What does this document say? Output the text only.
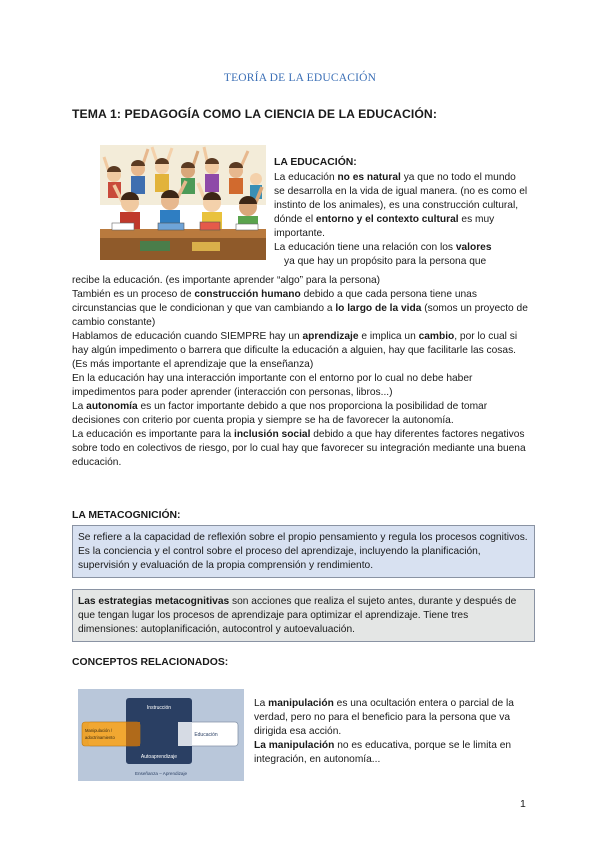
TEORÍA DE LA EDUCACIÓN
TEMA 1: PEDAGOGÍA COMO LA CIENCIA DE LA EDUCACIÓN:
LA EDUCACIÓN:
La educación no es natural ya que no todo el mundo se desarrolla en la vida de igual manera. (no es como el instinto de los animales), es una construcción cultural, dónde el entorno y el contexto cultural es muy importante.
La educación tiene una relación con los valores
ya que hay un propósito para la persona que
recibe la educación. (es importante aprender “algo” para la persona)
También es un proceso de construcción humano debido a que cada persona tiene unas circunstancias que le condicionan y que van cambiando a lo largo de la vida (somos un proyecto de cambio constante)
Hablamos de educación cuando SIEMPRE hay un aprendizaje e implica un cambio, por lo cual si hay algún impedimento o barrera que dificulte la educación a alguien, hay que facilitarle las cosas.
(Es más importante el aprendizaje que la enseñanza)
En la educación hay una interacción importante con el entorno por lo cual no debe haber impedimentos para poder aprender (interacción con personas, libros...)
La autonomía es un factor importante debido a que nos proporciona la posibilidad de tomar decisiones con criterio por cuenta propia y siempre se ha de favorecer la autonomía.
La educación es importante para la inclusión social debido a que hay diferentes factores negativos sobre todo en colectivos de riesgo, por lo cual hay que favorecer su integración mediante una buena educación.
LA METACOGNICIÓN:
Se refiere a la capacidad de reflexión sobre el propio pensamiento y regula los procesos cognitivos. Es la conciencia y el control sobre el proceso del aprendizaje, incluyendo la planificación, supervisión y evaluación de la propia comprensión y rendimiento.
Las estrategias metacognitivas son acciones que realiza el sujeto antes, durante y después de que tengan lugar los procesos de aprendizaje para optimizar el aprendizaje. Tiene tres dimensiones: autoplanificación, autocontrol y autoevaluación.
CONCEPTOS RELACIONADOS:
Instrucción
Manipulación / adoctrinamiento	Educación
Autoaprendizaje
Enseñanza – Aprendizaje
La manipulación es una ocultación entera o parcial de la verdad, pero no para el beneficio para la persona que va dirigida esa acción.
La manipulación no es educativa, porque se le limita en integración, en autonomía...
1
